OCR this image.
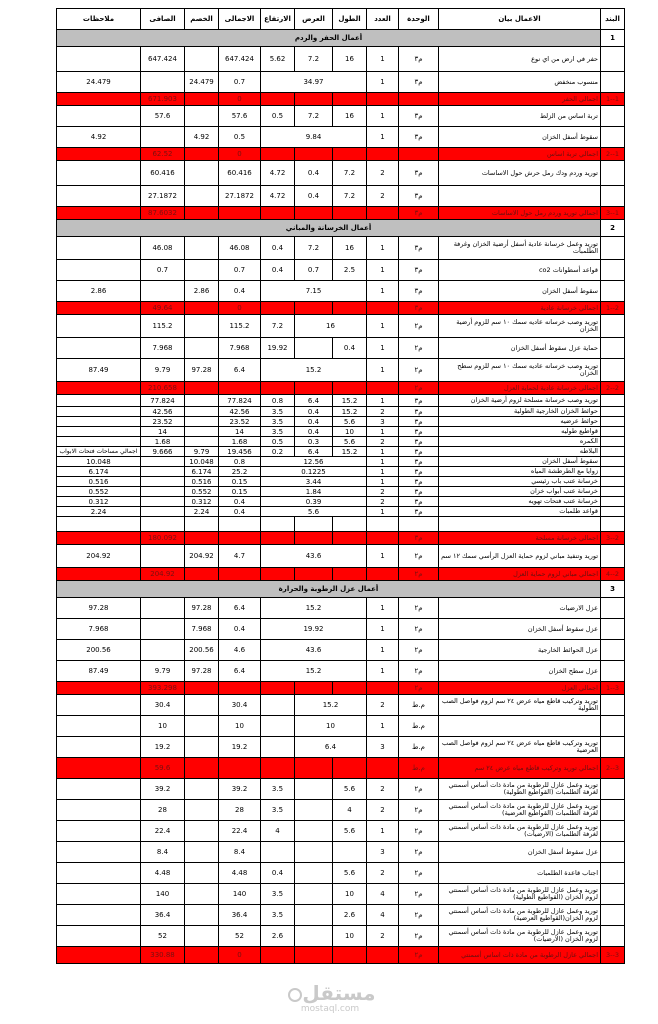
البند	الاعمال بيان	الوحدة	العدد	الطول	العرض	الارتفاع	الاجمالى	الخصم	الصافى	ملاحظات	
1	أعمال الحفر والردم										
	حفر في ارض من اي نوع	م٣	1	16	7.2	5.62	647.424		647.424		
	منسوب منخفض	م٣	1	34.97			0.7	24.479		24.479	
1--1	اجمالي الحفر						0		671.903		
	تربة اساس من الزلط	م٣	1	16	7.2	0.5	57.6		57.6		
	سقوط أسفل الخزان	م٣	1	9.84			0.5	4.92		4.92	
1--2	اجمالي تربة اساس						0		62.52		
	توريد وردم ودك رمل حرش حول الاساسات	م٣	2	7.2	0.4	4.72	60.416		60.416		
		م٣	2	7.2	0.4	4.72	27.1872		27.1872		
1--3	اجمالي توريد وردم رمل حول الاساسات	م٣							87.6032		
2	أعمال الخرسانة والمباني										
	توريد وعمل خرسانة عادية أسفل أرضية الخزان وغرفة الطلمبات	م٣	1	16	7.2	0.4	46.08		46.08		
	قواعد أسطوانات co2	م٣	1	2.5	0.7	0.4	0.7		0.7		
	سقوط أسفل الخزان	م٣	1	7.15			0.4	2.86		2.86	
2--1	اجمالي خرسانة عادية	م٣					0		49.64		
	توريد وصب خرسانه عاديه سمك ١٠ سم للزوم أرضية الخزان	م٢	1	16		7.2	115.2		115.2		
	حماية عزل سقوط أسفل الخزان	م٢	1	0.4		19.92	7.968		7.968		
	توريد وصب خرسانه عاديه سمك ١٠ سم للزوم سطح الخزان	م٢	1	15.2			6.4	97.28	9.79	87.49	
2--2	اجمالي خرسانة عادية لحماية العزل	م٢							210.658		
	توريد وصب خرسانة مسلحة لزوم أرضية الخزان	م٣	1	15.2	6.4	0.8	77.824		77.824		
	حوائط الخزان الخارجية الطولية	م٣	2	15.2	0.4	3.5	42.56		42.56		
	حوائط عرضيه	م٣	3	5.6	0.4	3.5	23.52		23.52		
	قواطيع طوليه	م٣	1	10	0.4	3.5	14		14		
	الكمره	م٣	2	5.6	0.3	0.5	1.68		1.68		
	البلاطه	م٣	1	15.2	6.4	0.2	19.456	9.79	9.666	اجمالي مساحات فتحات الابواب	
	سقوط أسفل الخزان	م٣	1	12.56			0.8	10.048		10.048	
	زوايا مع الطرطشة المياه	م٣	1	0.1225			25.2	6.174		6.174	
	خرسانة عتب باب رئيسي	م٣	1	3.44			0.15	0.516		0.516	
	خرسانة عتب أبواب خزان	م٣	2	1.84			0.15	0.552		0.552	
	خرسانة عتب فتحات تهويه	م٣	2	0.39			0.4	0.312		0.312	
	قواعد طلمبات	م٣	1	5.6			0.4	2.24		2.24	

2--3	اجمالي خرسانة مسلحة	م٣							180.092		
	توريد وتنفيذ مباني لزوم حماية العزل الرأسي سمك ١٢ سم	م٢	1	43.6			4.7	204.92		204.92	
2--4	اجمالي مباني لزوم حماية العزل	م٢							204.92		
3	أعمال عزل الرطوبة والحرارة										
	عزل الارضيات	م٢	1	15.2			6.4	97.28		97.28	
	عزل سقوط أسفل الخزان	م٢	1	19.92			0.4	7.968		7.968	
	عزل الحوائط الخارجية	م٢	1	43.6			4.6	200.56		200.56	
	عزل سطح الخزان	م٢	1	15.2			6.4	97.28	9.79	87.49	
3--1	اجمالي العزل	م٢							393.298		
	توريد وتركيب قاطع مياه عرض ٢٤ سم لزوم فواصل الصب الطولية	م.ط	2	15.2			30.4		30.4		
		م.ط	1	10			10		10		
	توريد وتركيب قاطع مياه عرض ٢٤ سم لزوم فواصل الصب العرضية	م.ط	3	6.4			19.2		19.2		
3--2	اجمالي توريد وتركيب قاطع مياه عرض ٢٤ سم	م.ط							59.6		
	توريد وعمل عازل للرطوبة من مادة ذات أساس أسمنتي لغرفة الطلمبات (القواطيع الطولية)	م٢	2	5.6		3.5	39.2		39.2		
	توريد وعمل عازل للرطوبة من مادة ذات أساس أسمنتي لغرفة الطلمبات (القواطيع العرضية)	م٢	2	4		3.5	28		28		
	توريد وعمل عازل للرطوبة من مادة ذات أساس أسمنتي لغرفة الطلمبات (الارضيات)	م٢	1	5.6		4	22.4		22.4		
	عزل سقوط أسفل الخزان	م٢	3				8.4		8.4		
	اجناب قاعدة الطلمبات	م٢	2	5.6		0.4	4.48		4.48		
	توريد وعمل عازل للرطوبة من مادة ذات أساس أسمنتي لزوم الخزان (القواطيع الطولية)	م٢	4	10		3.5	140		140		
	توريد وعمل عازل للرطوبة من مادة ذات أساس أسمنتي لزوم الخزان(القواطيع العرضية)	م٢	4	2.6		3.5	36.4		36.4		
	توريد وعمل عازل للرطوبة من مادة ذات أساس أسمنتي لزوم الخزان (الارضيات)	م٢	2	10		2.6	52		52		
3--3	اجمالي عازل الرطوبة من مادة ذات اساس أسمنتي	م٢					0		330.88		
مستقل
mostaql.com
